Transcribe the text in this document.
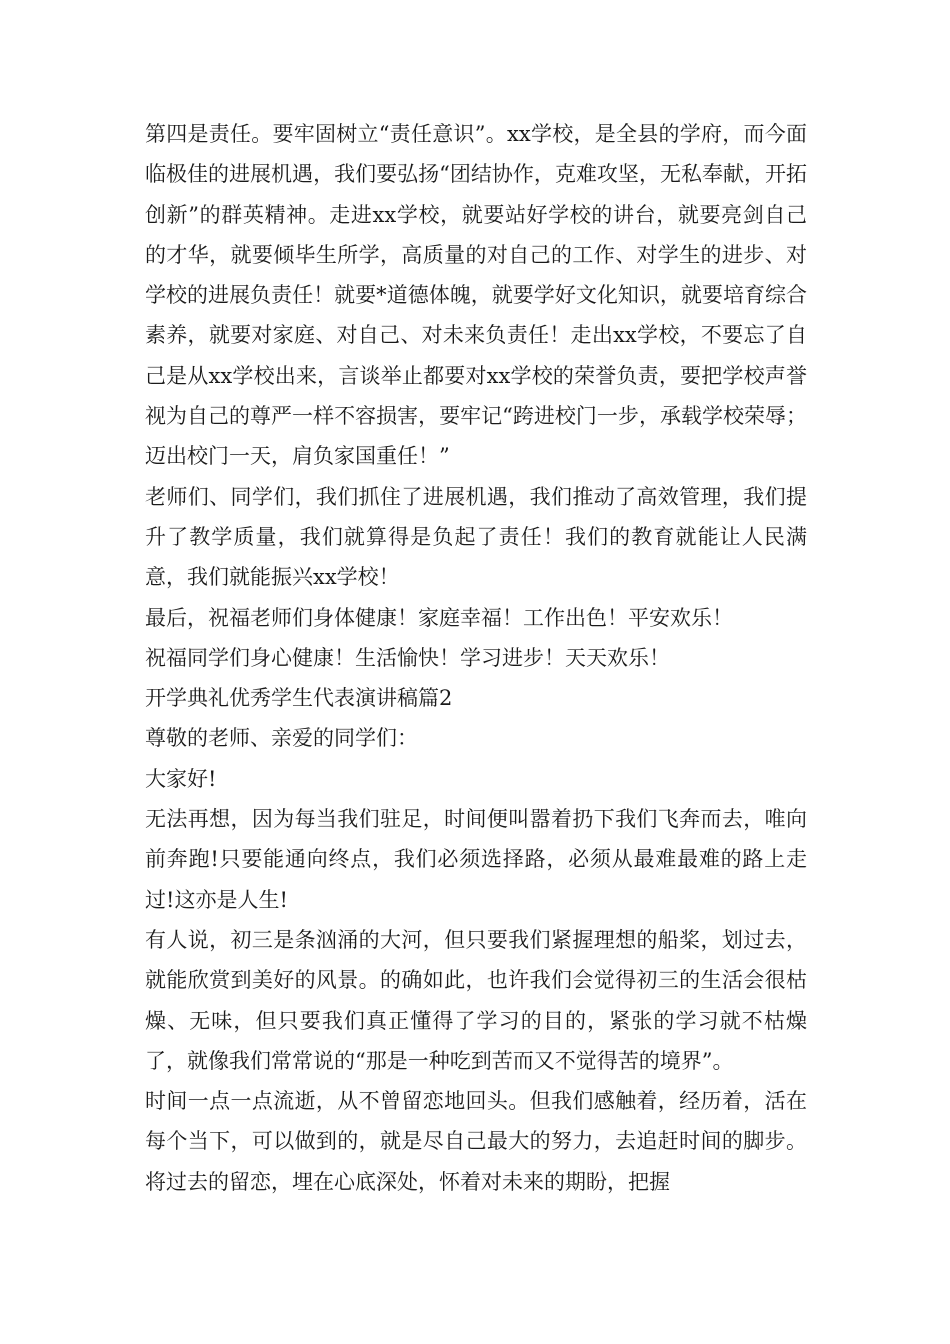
第四是责任。要牢固树立“责任意识”。xx学校，是全县的学府，而今面临极佳的进展机遇，我们要弘扬“团结协作，克难攻坚，无私奉献，开拓创新”的群英精神。走进xx学校，就要站好学校的讲台，就要亮剑自己的才华，就要倾毕生所学，高质量的对自己的工作、对学生的进步、对学校的进展负责任！就要*道德体魄，就要学好文化知识，就要培育综合素养，就要对家庭、对自己、对未来负责任！走出xx学校，不要忘了自己是从xx学校出来，言谈举止都要对xx学校的荣誉负责，要把学校声誉视为自己的尊严一样不容损害，要牢记“跨进校门一步，承载学校荣辱；迈出校门一天，肩负家国重任！”

老师们、同学们，我们抓住了进展机遇，我们推动了高效管理，我们提升了教学质量，我们就算得是负起了责任！我们的教育就能让人民满意，我们就能振兴xx学校！

最后，祝福老师们身体健康！家庭幸福！工作出色！平安欢乐！

祝福同学们身心健康！生活愉快！学习进步！天天欢乐！

开学典礼优秀学生代表演讲稿篇2

尊敬的老师、亲爱的同学们：

大家好!

无法再想，因为每当我们驻足，时间便叫嚣着扔下我们飞奔而去，唯向前奔跑!只要能通向终点，我们必须选择路，必须从最难最难的路上走过!这亦是人生!

有人说，初三是条汹涌的大河，但只要我们紧握理想的船桨，划过去，就能欣赏到美好的风景。的确如此，也许我们会觉得初三的生活会很枯燥、无味，但只要我们真正懂得了学习的目的，紧张的学习就不枯燥了，就像我们常常说的“那是一种吃到苦而又不觉得苦的境界”。

时间一点一点流逝，从不曾留恋地回头。但我们感触着，经历着，活在每个当下，可以做到的，就是尽自己最大的努力，去追赶时间的脚步。将过去的留恋，埋在心底深处，怀着对未来的期盼，把握
